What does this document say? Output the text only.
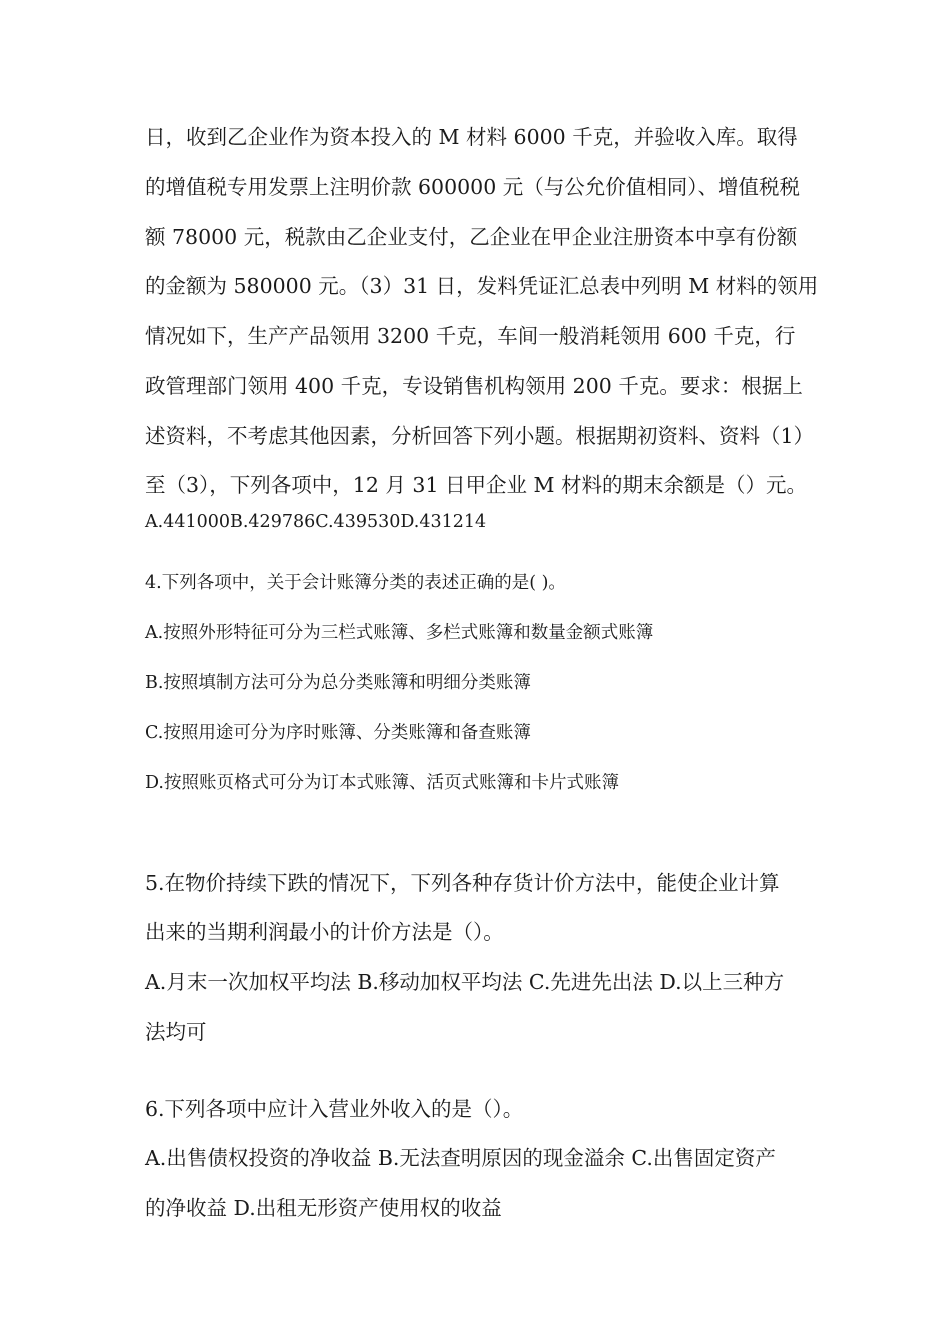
日，收到乙企业作为资本投入的 M 材料 6000 千克，并验收入库。取得
的增值税专用发票上注明价款 600000 元（与公允价值相同）、增值税税
额 78000 元，税款由乙企业支付，乙企业在甲企业注册资本中享有份额
的金额为 580000 元。（3）31 日，发料凭证汇总表中列明 M 材料的领用
情况如下，生产产品领用 3200 千克，车间一般消耗领用 600 千克，行
政管理部门领用 400 千克，专设销售机构领用 200 千克。要求：根据上
述资料，不考虑其他因素，分析回答下列小题。根据期初资料、资料（1）
至（3），下列各项中，12 月 31 日甲企业 M 材料的期末余额是（）元。
A.441000B.429786C.439530D.431214
4.下列各项中，关于会计账簿分类的表述正确的是( )。
A.按照外形特征可分为三栏式账簿、多栏式账簿和数量金额式账簿
B.按照填制方法可分为总分类账簿和明细分类账簿
C.按照用途可分为序时账簿、分类账簿和备查账簿
D.按照账页格式可分为订本式账簿、活页式账簿和卡片式账簿
5.在物价持续下跌的情况下，下列各种存货计价方法中，能使企业计算
出来的当期利润最小的计价方法是（）。
A.月末一次加权平均法 B.移动加权平均法 C.先进先出法 D.以上三种方
法均可
6.下列各项中应计入营业外收入的是（）。
A.出售债权投资的净收益 B.无法查明原因的现金溢余 C.出售固定资产
的净收益 D.出租无形资产使用权的收益
